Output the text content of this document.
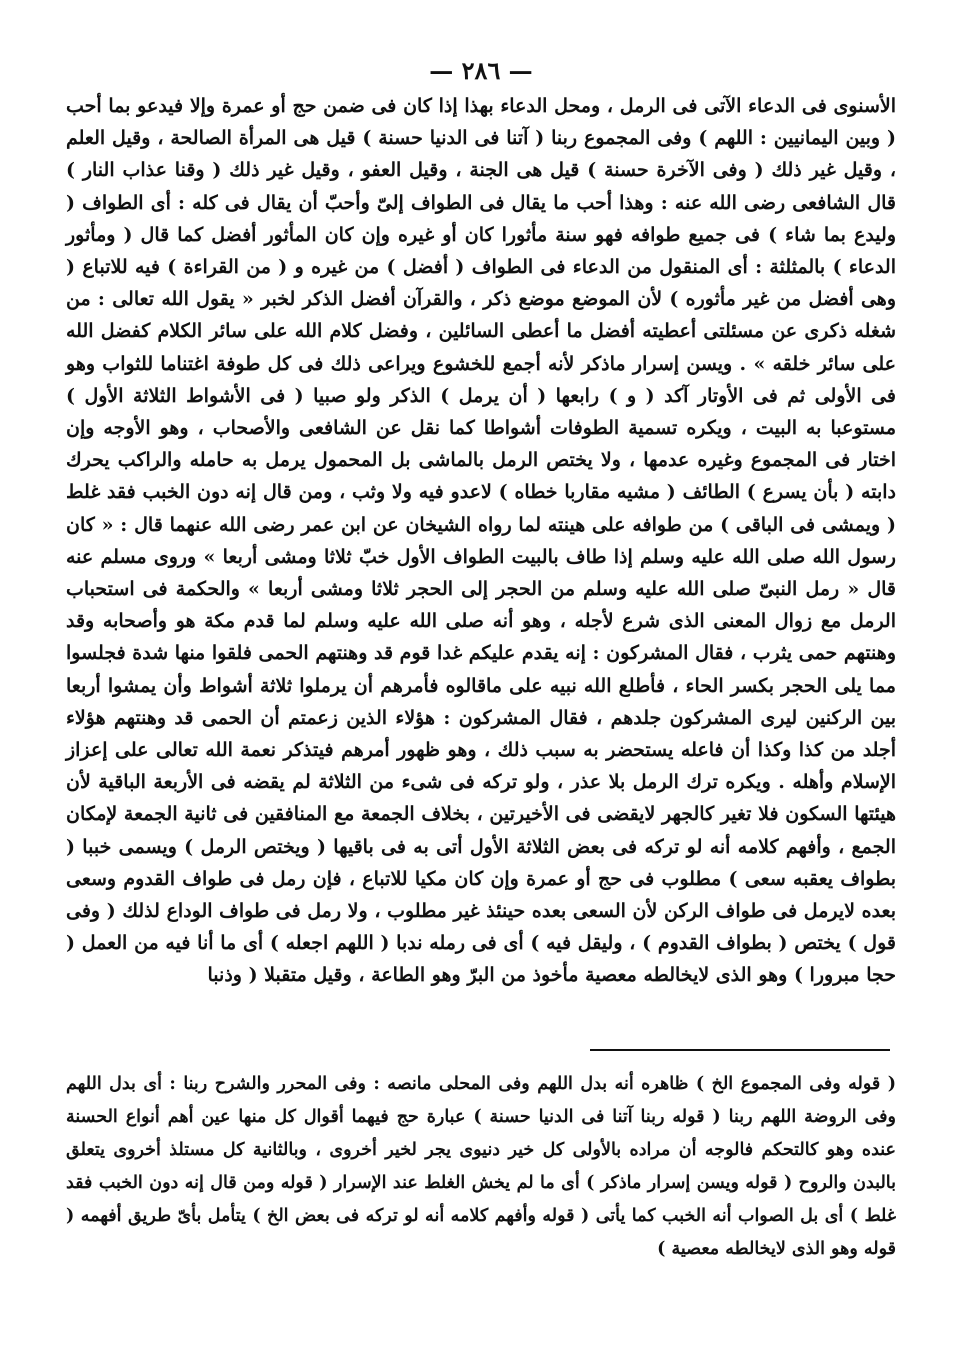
— ٢٨٦ —
الأسنوى فى الدعاء الآتى فى الرمل ، ومحل الدعاء بهذا إذا كان فى ضمن حج أو عمرة وإلا فيدعو بما أحب ( وبين اليمانيين : اللهم ) وفى المجموع ربنا ( آتنا فى الدنيا حسنة ) قيل هى المرأة الصالحة ، وقيل العلم ، وقيل غير ذلك ( وفى الآخرة حسنة ) قيل هى الجنة ، وقيل العفو ، وقيل غير ذلك ( وقنا عذاب النار ) قال الشافعى رضى الله عنه : وهذا أحب ما يقال فى الطواف إلىّ وأحبّ أن يقال فى كله : أى الطواف ( وليدع بما شاء ) فى جميع طوافه فهو سنة مأثورا كان أو غيره وإن كان المأثور أفضل كما قال ( ومأثور الدعاء ) بالمثلثة : أى المنقول من الدعاء فى الطواف ( أفضل ) من غيره و ( من القراءة ) فيه للاتباع ( وهى أفضل من غير مأثوره ) لأن الموضع موضع ذكر ، والقرآن أفضل الذكر لخبر « يقول الله تعالى : من شغله ذكرى عن مسئلتى أعطيته أفضل ما أعطى السائلين ، وفضل كلام الله على سائر الكلام كفضل الله على سائر خلقه » . ويسن إسرار ماذكر لأنه أجمع للخشوع ويراعى ذلك فى كل طوفة اغتناما للثواب وهو فى الأولى ثم فى الأوتار آكد ( و ) رابعها ( أن يرمل ) الذكر ولو صبيا ( فى الأشواط الثلاثة الأول ) مستوعبا به البيت ، ويكره تسمية الطوفات أشواطا كما نقل عن الشافعى والأصحاب ، وهو الأوجه وإن اختار فى المجموع وغيره عدمها ، ولا يختص الرمل بالماشى بل المحمول يرمل به حامله والراكب يحرك دابته ( بأن يسرع ) الطائف ( مشيه مقاربا خطاه ) لاعدو فيه ولا وثب ، ومن قال إنه دون الخبب فقد غلط ( ويمشى فى الباقى ) من طوافه على هينته لما رواه الشيخان عن ابن عمر رضى الله عنهما قال : « كان رسول الله صلى الله عليه وسلم إذا طاف بالبيت الطواف الأول خبّ ثلاثا ومشى أربعا » وروى مسلم عنه قال « رمل النبىّ صلى الله عليه وسلم من الحجر إلى الحجر ثلاثا ومشى أربعا » والحكمة فى استحباب الرمل مع زوال المعنى الذى شرع لأجله ، وهو أنه صلى الله عليه وسلم لما قدم مكة هو وأصحابه وقد وهنتهم حمى يثرب ، فقال المشركون : إنه يقدم عليكم غدا قوم قد وهنتهم الحمى فلقوا منها شدة فجلسوا مما يلى الحجر بكسر الحاء ، فأطلع الله نبيه على ماقالوه فأمرهم أن يرملوا ثلاثة أشواط وأن يمشوا أربعا بين الركنين ليرى المشركون جلدهم ، فقال المشركون : هؤلاء الذين زعمتم أن الحمى قد وهنتهم هؤلاء أجلد من كذا وكذا أن فاعله يستحضر به سبب ذلك ، وهو ظهور أمرهم فيتذكر نعمة الله تعالى على إعزاز الإسلام وأهله . ويكره ترك الرمل بلا عذر ، ولو تركه فى شىء من الثلاثة لم يقضه فى الأربعة الباقية لأن هيئتها السكون فلا تغير كالجهر لايقضى فى الأخيرتين ، بخلاف الجمعة مع المنافقين فى ثانية الجمعة لإمكان الجمع ، وأفهم كلامه أنه لو تركه فى بعض الثلاثة الأول أتى به فى باقيها ( ويختص الرمل ) ويسمى خببا ( بطواف يعقبه سعى ) مطلوب فى حج أو عمرة وإن كان مكيا للاتباع ، فإن رمل فى طواف القدوم وسعى بعده لايرمل فى طواف الركن لأن السعى بعده حينئذ غير مطلوب ، ولا رمل فى طواف الوداع لذلك ( وفى قول ) يختص ( بطواف القدوم ) ، وليقل فيه ) أى فى رمله ندبا ( اللهم اجعله ) أى ما أنا فيه من العمل ( حجا مبرورا ) وهو الذى لايخالطه معصية مأخوذ من البرّ وهو الطاعة ، وقيل متقبلا ( وذنبا
( قوله وفى المجموع الخ ) ظاهره أنه بدل اللهم وفى المحلى مانصه : وفى المحرر والشرح ربنا : أى بدل اللهم وفى الروضة اللهم ربنا ( قوله ربنا آتنا فى الدنيا حسنة ) عبارة حج فيهما أقوال كل منها عين أهم أنواع الحسنة عنده وهو كالتحكم فالوجه أن مراده بالأولى كل خير دنيوى يجر لخير أخروى ، وبالثانية كل مستلذ أخروى يتعلق بالبدن والروح ( قوله ويسن إسرار ماذكر ) أى ما لم يخش الغلط عند الإسرار ( قوله ومن قال إنه دون الخبب فقد غلط ) أى بل الصواب أنه الخبب كما يأتى ( قوله وأفهم كلامه أنه لو تركه فى بعض الخ ) يتأمل بأىّ طريق أفهمه ( قوله وهو الذى لايخالطه معصية )
